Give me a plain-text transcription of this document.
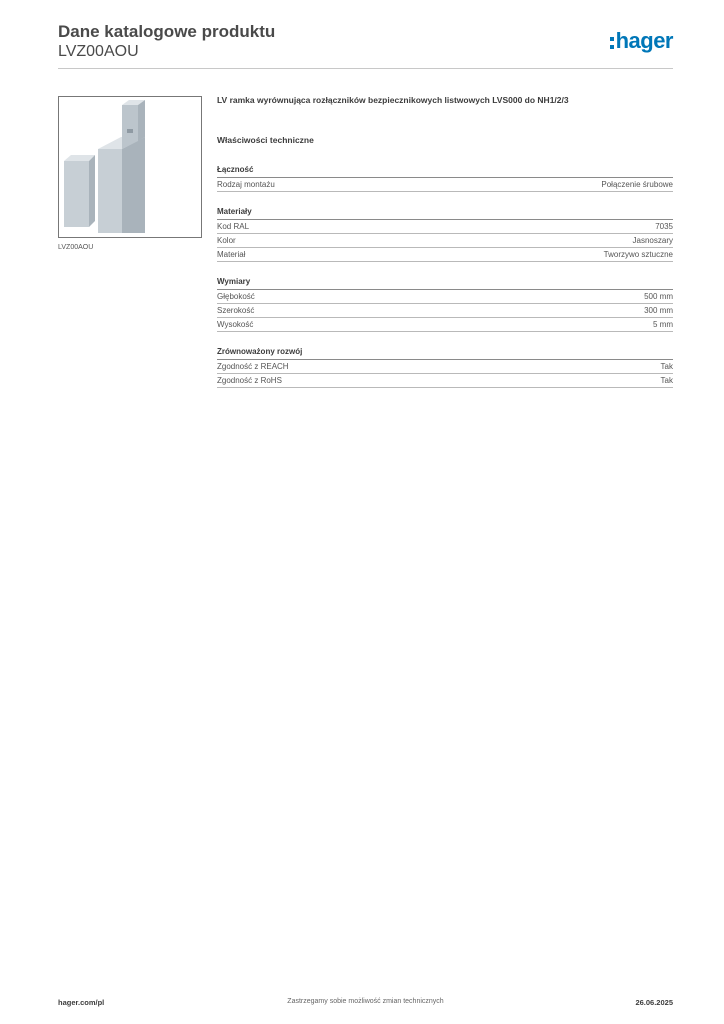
Dane katalogowe produktu

LVZ00AOU	hager
LVZ00AOU

LV ramka wyrównująca rozłączników bezpiecznikowych listwowych LVS000 do NH1/2/3

Właściwości techniczne

Łączność
Rodzaj montażu	Połączenie śrubowe
Materiały
Kod RAL	7035
Kolor	Jasnoszary
Materiał	Tworzywo sztuczne
Wymiary
Głębokość	500 mm
Szerokość	300 mm
Wysokość	5 mm
Zrównoważony rozwój
Zgodność z REACH	Tak
Zgodność z RoHS	Tak
Zastrzegamy sobie możliwość zmian technicznych
hager.com/pl	26.06.2025
